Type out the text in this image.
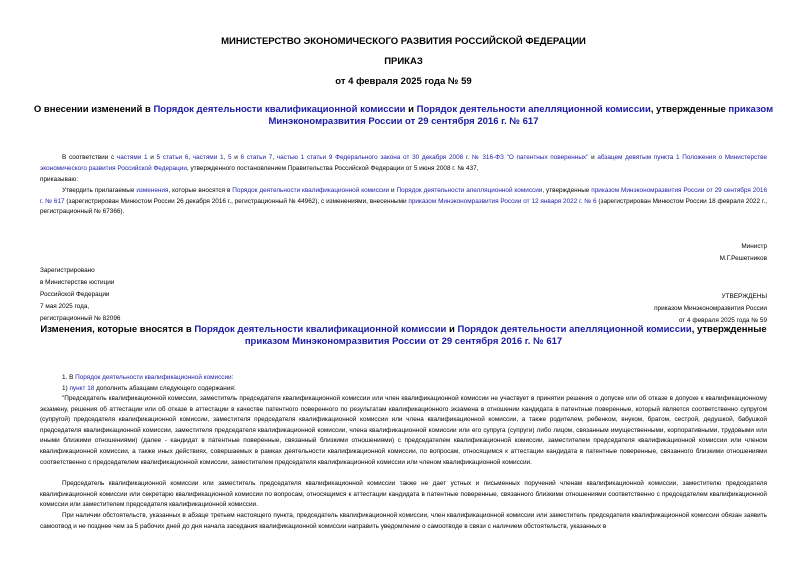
МИНИСТЕРСТВО ЭКОНОМИЧЕСКОГО РАЗВИТИЯ РОССИЙСКОЙ ФЕДЕРАЦИИ
ПРИКАЗ
от 4 февраля 2025 года № 59
О внесении изменений в Порядок деятельности квалификационной комиссии и Порядок деятельности апелляционной комиссии, утвержденные приказом Минэкономразвития России от 29 сентября 2016 г. № 617
В соответствии с частями 1 и 5 статьи 6, частями 1, 5 и 6 статьи 7, частью 1 статьи 9 Федерального закона от 30 декабря 2008 г. № 316-ФЗ "О патентных поверенных" и абзацем девятым пункта 1 Положения о Министерстве экономического развития Российской Федерации, утвержденного постановлением Правительства Российской Федерации от 5 июня 2008 г. № 437,
приказываю:
Утвердить прилагаемые изменения, которые вносятся в Порядок деятельности квалификационной комиссии и Порядок деятельности апелляционной комиссии, утвержденные приказом Минэкономразвития России от 29 сентября 2016 г. № 617 (зарегистрирован Минюстом России 26 декабря 2016 г., регистрационный № 44962), с изменениями, внесенными приказом Минэкономразвития России от 12 января 2022 г. № 6 (зарегистрирован Минюстом России 18 февраля 2022 г., регистрационный № 67366).
Министр
М.Г.Решетников
Зарегистрировано
в Министерстве юстиции
Российской Федерации
7 мая 2025 года,
регистрационный № 82096
УТВЕРЖДЕНЫ
приказом Минэкономразвития России
от 4 февраля 2025 года № 59
Изменения, которые вносятся в Порядок деятельности квалификационной комиссии и Порядок деятельности апелляционной комиссии, утвержденные приказом Минэкономразвития России от 29 сентября 2016 г. № 617
1. В Порядок деятельности квалификационной комиссии:
1) пункт 18 дополнить абзацами следующего содержания:
"Председатель квалификационной комиссии, заместитель председателя квалификационной комиссии или член квалификационной комиссии не участвует в принятии решения о допуске или об отказе в допуске к квалификационному экзамену, решения об аттестации или об отказе в аттестации в качестве патентного поверенного по результатам квалификационного экзамена в отношении кандидата в патентные поверенные, который является соответственно супругом (супругой) председателя квалификационной комиссии, заместителя председателя квалификационной комиссии или члена квалификационной комиссии, а также родителем, ребенком, внуком, братом, сестрой, дедушкой, бабушкой председателя квалификационной комиссии, заместителя председателя квалификационной комиссии, члена квалификационной комиссии или его супруга (супруги) либо лицом, связанным имущественными, корпоративными, трудовыми или иными близкими отношениями) (далее - кандидат в патентные поверенные, связанный близкими отношениями) с председателем квалификационной комиссии, заместителем председателя квалификационной комиссии или членом квалификационной комиссии, а также иных действиях, совершаемых в рамках деятельности квалификационной комиссии, по вопросам, относящимся к аттестации кандидата в патентные поверенные, связанного близкими отношениями соответственно с председателем квалификационной комиссии, заместителем председателя квалификационной комиссии или членом квалификационной комиссии.
Председатель квалификационной комиссии или заместитель председателя квалификационной комиссии также не дает устных и письменных поручений членам квалификационной комиссии, заместителю председателя квалификационной комиссии или секретарю квалификационной комиссии по вопросам, относящимся к аттестации кандидата в патентные поверенные, связанного близкими отношениями соответственно с председателем квалификационной комиссии или заместителем председателя квалификационной комиссии.
При наличии обстоятельств, указанных в абзаце третьем настоящего пункта, председатель квалификационной комиссии, член квалификационной комиссии или заместитель председателя квалификационной комиссии обязан заявить самоотвод и не позднее чем за 5 рабочих дней до дня начала заседания квалификационной комиссии направить уведомление о самоотводе в связи с наличием обстоятельств, указанных в
